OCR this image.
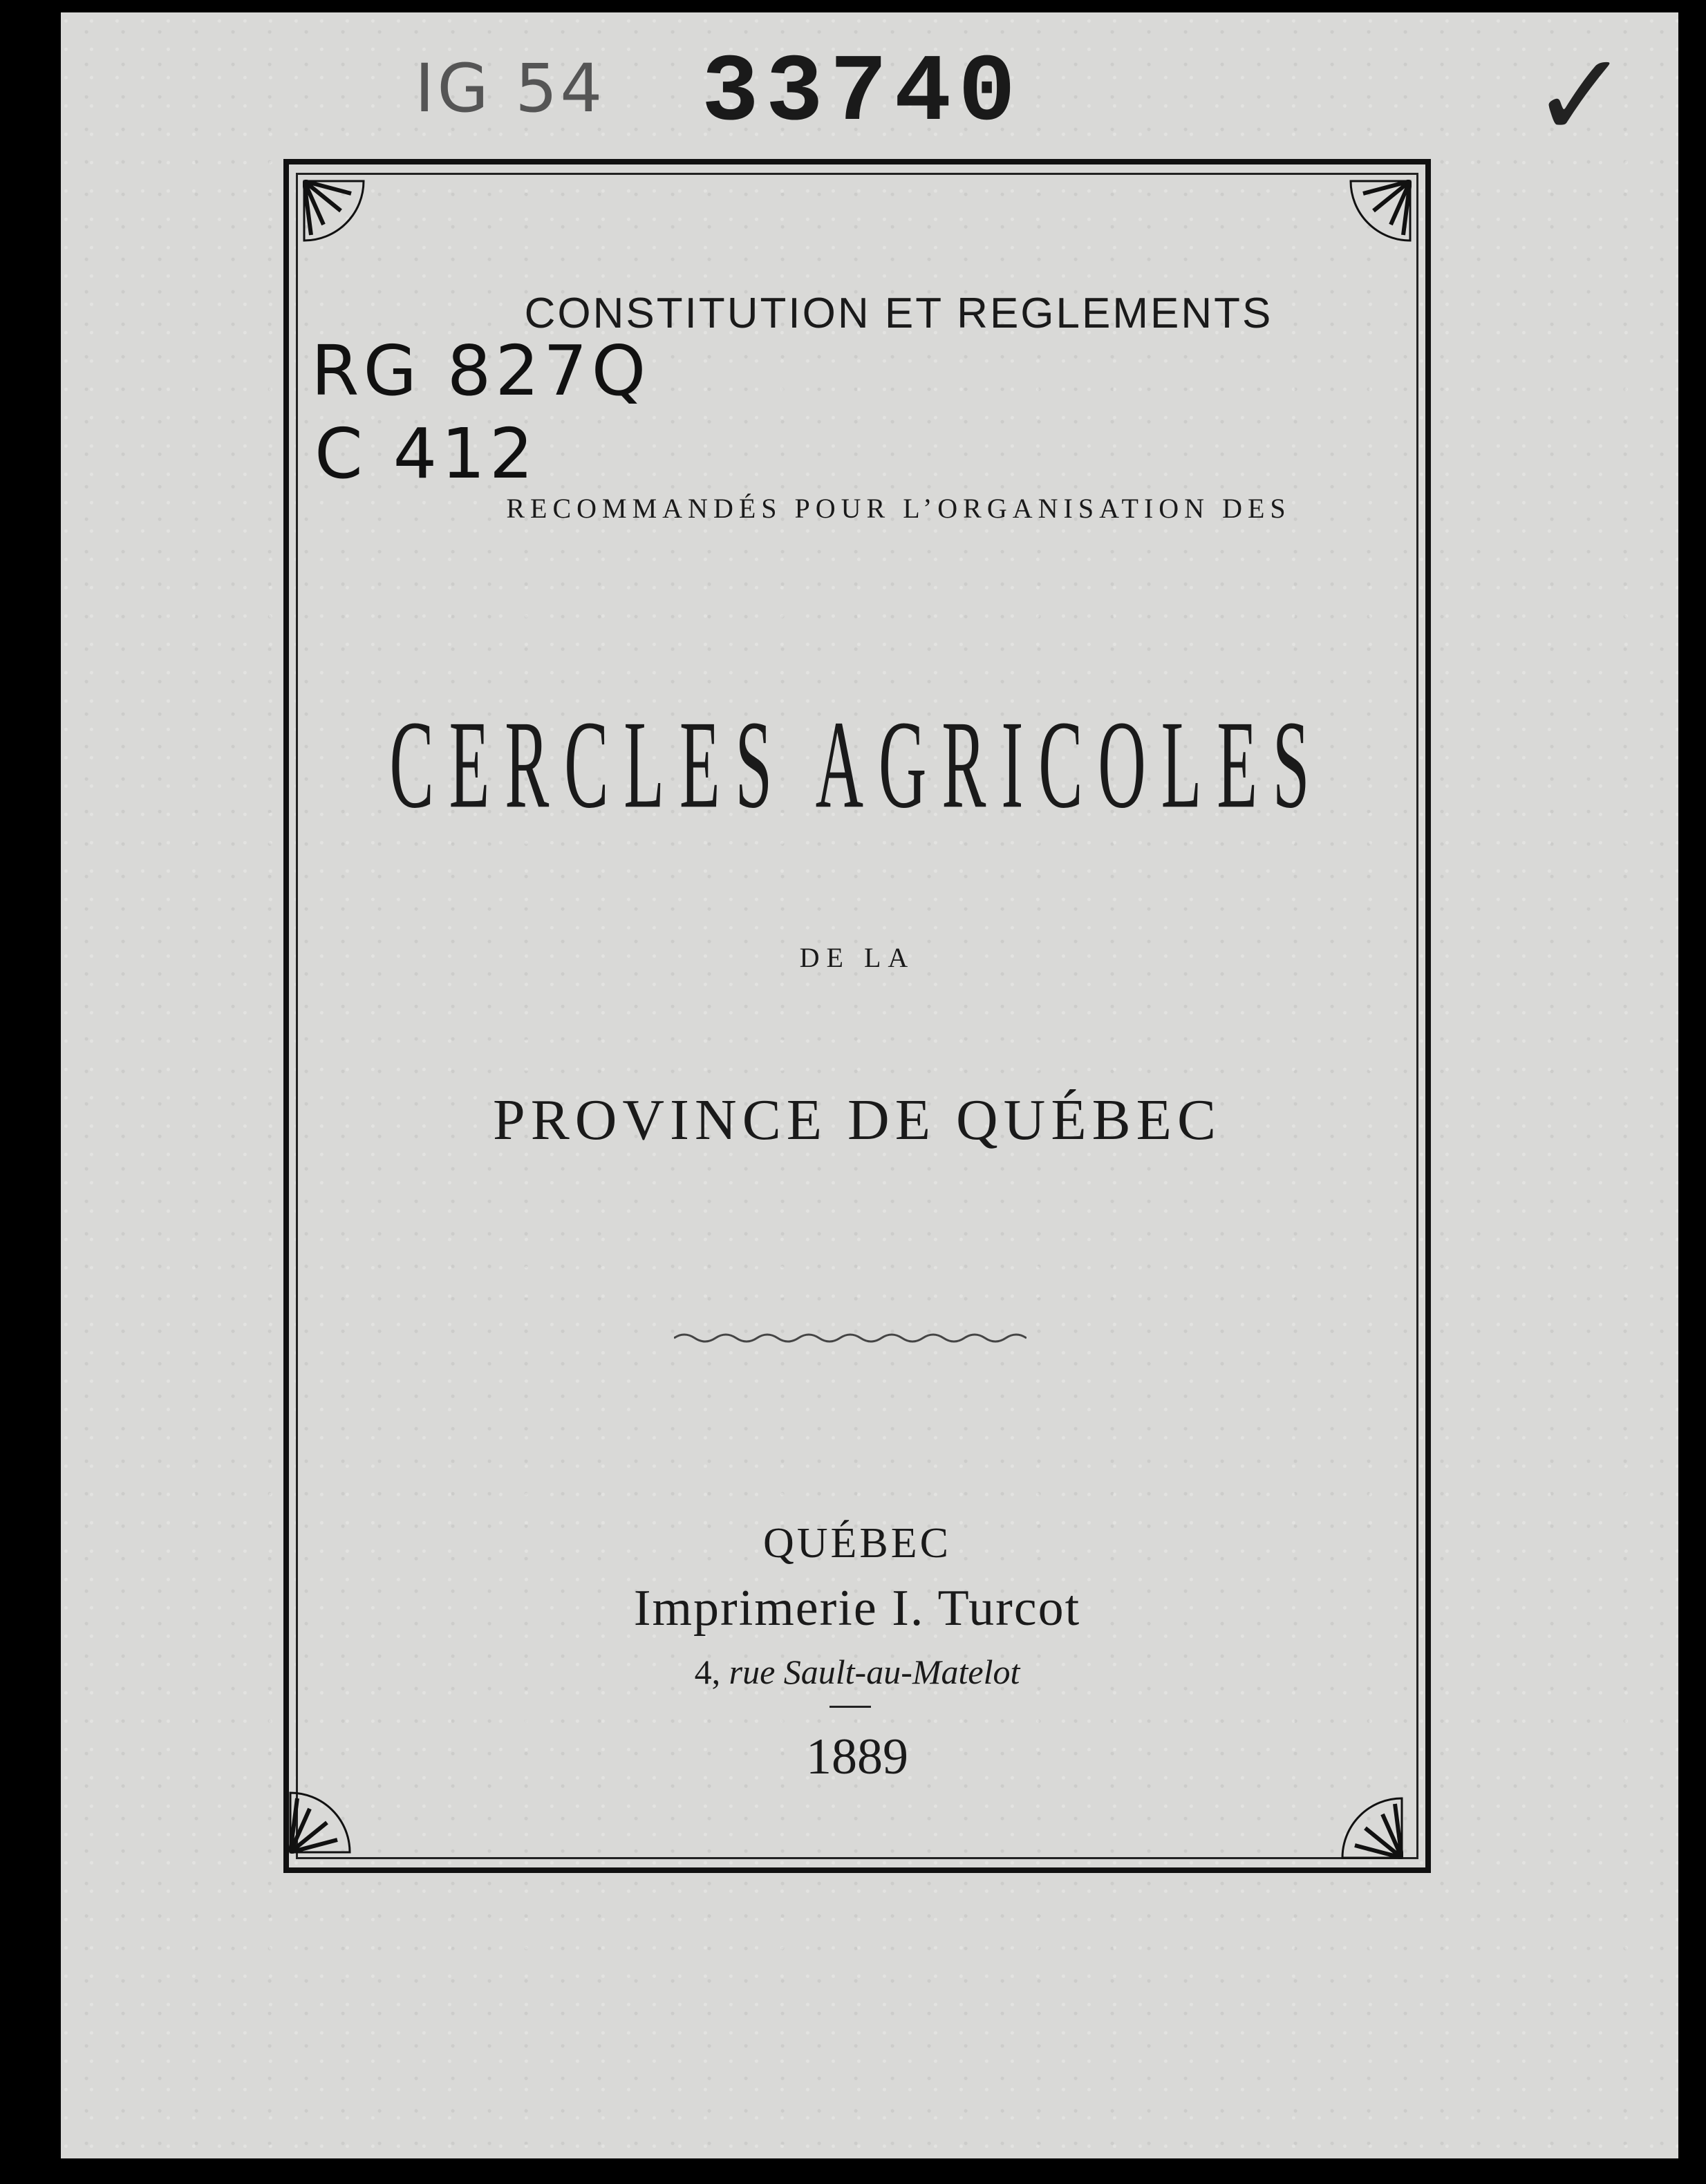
IG 54 33740	✓
RG 827Q
C 412
CONSTITUTION ET REGLEMENTS
RECOMMANDÉS POUR L’ORGANISATION DES
CERCLES AGRICOLES
DE LA
PROVINCE DE QUÉBEC
QUÉBEC
Imprimerie I. Turcot
4, rue Sault-au-Matelot
1889
